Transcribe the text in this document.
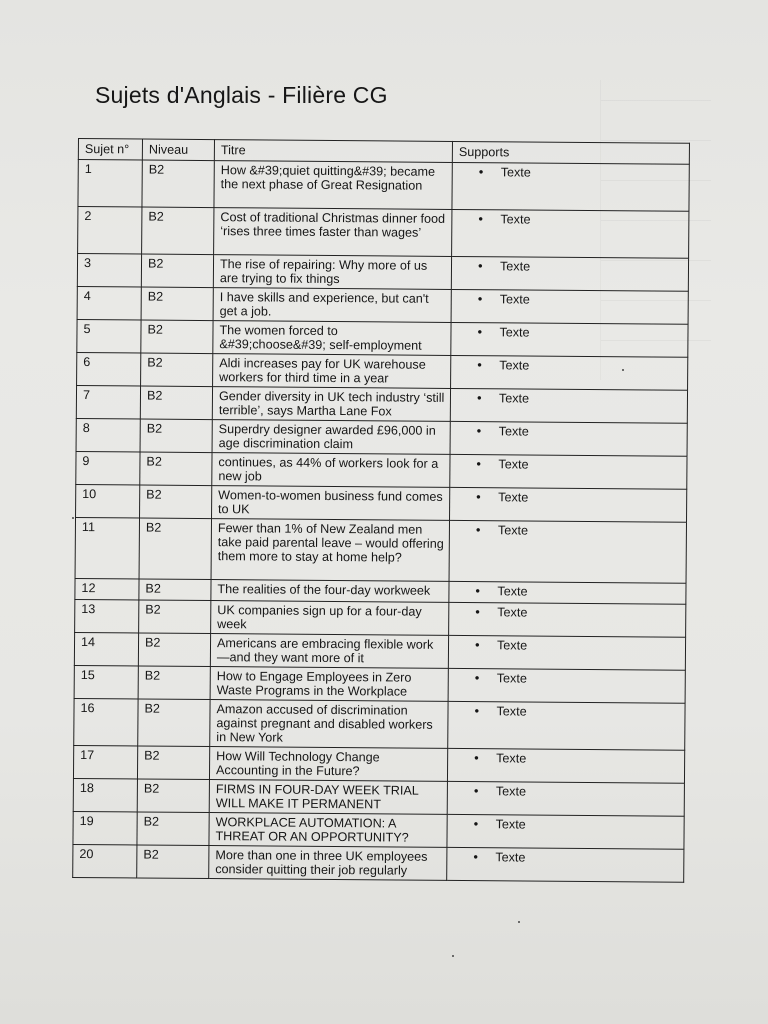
Sujets d'Anglais - Filière CG
Sujet n°	Niveau	Titre	Supports
1	B2	How &#39;quiet quitting&#39; became the next phase of Great Resignation	• Texte
2	B2	Cost of traditional Christmas dinner food ‘rises three times faster than wages’	• Texte
3	B2	The rise of repairing: Why more of us are trying to fix things	• Texte
4	B2	I have skills and experience, but can't get a job.	• Texte
5	B2	The women forced to &#39;choose&#39; self-employment	• Texte
6	B2	Aldi increases pay for UK warehouse workers for third time in a year	• Texte
7	B2	Gender diversity in UK tech industry ‘still terrible’, says Martha Lane Fox	• Texte
8	B2	Superdry designer awarded £96,000 in age discrimination claim	• Texte
9	B2	continues, as 44% of workers look for a new job	• Texte
10	B2	Women-to-women business fund comes to UK	• Texte
11	B2	Fewer than 1% of New Zealand men take paid parental leave – would offering them more to stay at home help?	• Texte
12	B2	The realities of the four-day workweek	• Texte
13	B2	UK companies sign up for a four-day week	• Texte
14	B2	Americans are embracing flexible work—and they want more of it	• Texte
15	B2	How to Engage Employees in Zero Waste Programs in the Workplace	• Texte
16	B2	Amazon accused of discrimination against pregnant and disabled workers in New York	• Texte
17	B2	How Will Technology Change Accounting in the Future?	• Texte
18	B2	FIRMS IN FOUR-DAY WEEK TRIAL WILL MAKE IT PERMANENT	• Texte
19	B2	WORKPLACE AUTOMATION: A THREAT OR AN OPPORTUNITY?	• Texte
20	B2	More than one in three UK employees consider quitting their job regularly	• Texte
